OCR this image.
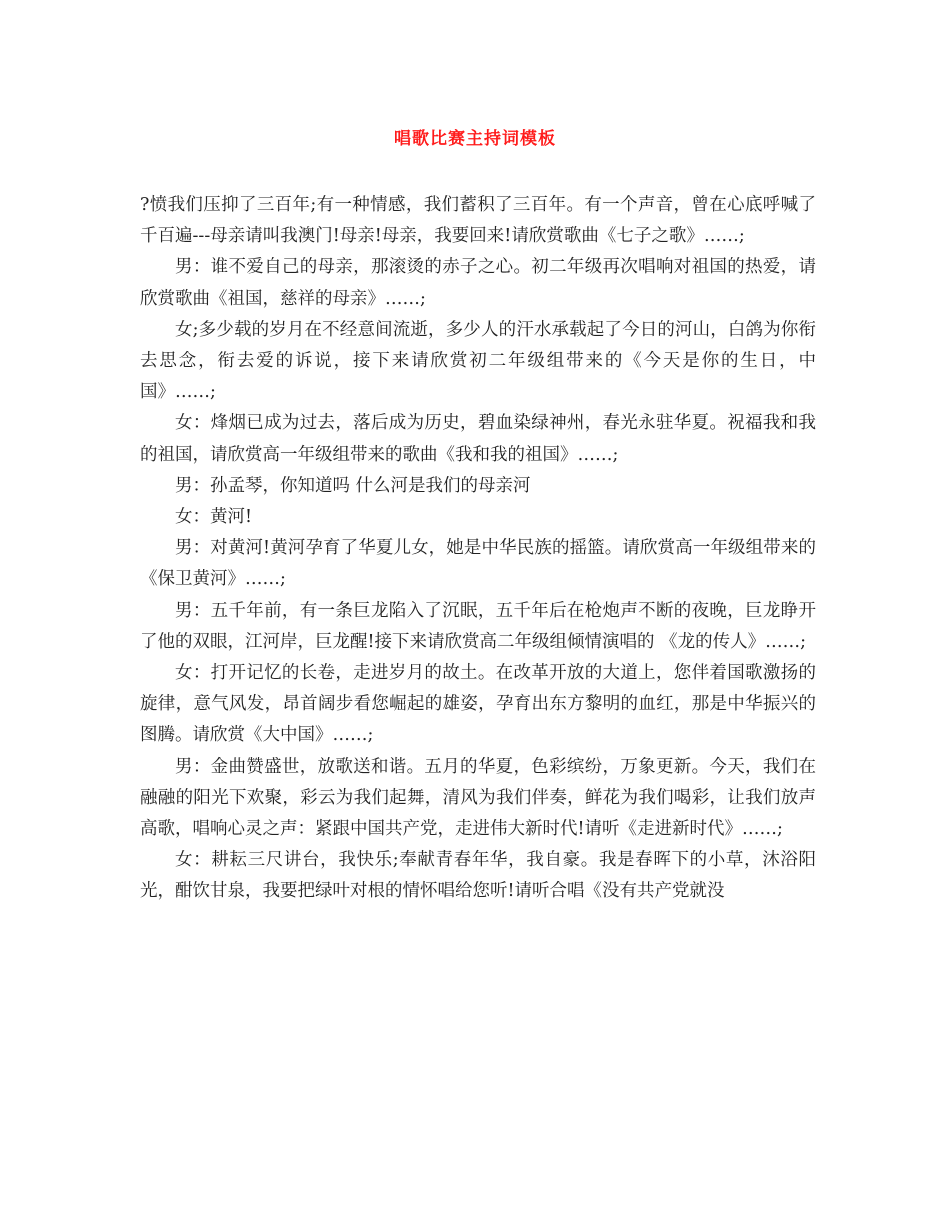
唱歌比赛主持词模板

?愤我们压抑了三百年;有一种情感，我们蓄积了三百年。有一个声音，曾在心底呼喊了千百遍---母亲请叫我澳门!母亲!母亲，我要回来!请欣赏歌曲《七子之歌》……;

男：谁不爱自己的母亲，那滚烫的赤子之心。初二年级再次唱响对祖国的热爱，请欣赏歌曲《祖国，慈祥的母亲》……;

女;多少载的岁月在不经意间流逝，多少人的汗水承载起了今日的河山，白鸽为你衔去思念，衔去爱的诉说，接下来请欣赏初二年级组带来的《今天是你的生日，中国》……;

女：烽烟已成为过去，落后成为历史，碧血染绿神州，春光永驻华夏。祝福我和我的祖国，请欣赏高一年级组带来的歌曲《我和我的祖国》……;

男：孙孟琴，你知道吗 什么河是我们的母亲河

女：黄河!

男：对黄河!黄河孕育了华夏儿女，她是中华民族的摇篮。请欣赏高一年级组带来的《保卫黄河》……;

男：五千年前，有一条巨龙陷入了沉眠，五千年后在枪炮声不断的夜晚，巨龙睁开了他的双眼，江河岸，巨龙醒!接下来请欣赏高二年级组倾情演唱的 《龙的传人》……;

女：打开记忆的长卷，走进岁月的故土。在改革开放的大道上，您伴着国歌激扬的旋律，意气风发，昂首阔步看您崛起的雄姿，孕育出东方黎明的血红，那是中华振兴的图腾。请欣赏《大中国》……;

男：金曲赞盛世，放歌送和谐。五月的华夏，色彩缤纷，万象更新。今天，我们在融融的阳光下欢聚，彩云为我们起舞，清风为我们伴奏，鲜花为我们喝彩，让我们放声高歌，唱响心灵之声：紧跟中国共产党，走进伟大新时代!请听《走进新时代》……;

女：耕耘三尺讲台，我快乐;奉献青春年华，我自豪。我是春晖下的小草，沐浴阳光，酣饮甘泉，我要把绿叶对根的情怀唱给您听!请听合唱《没有共产党就没
